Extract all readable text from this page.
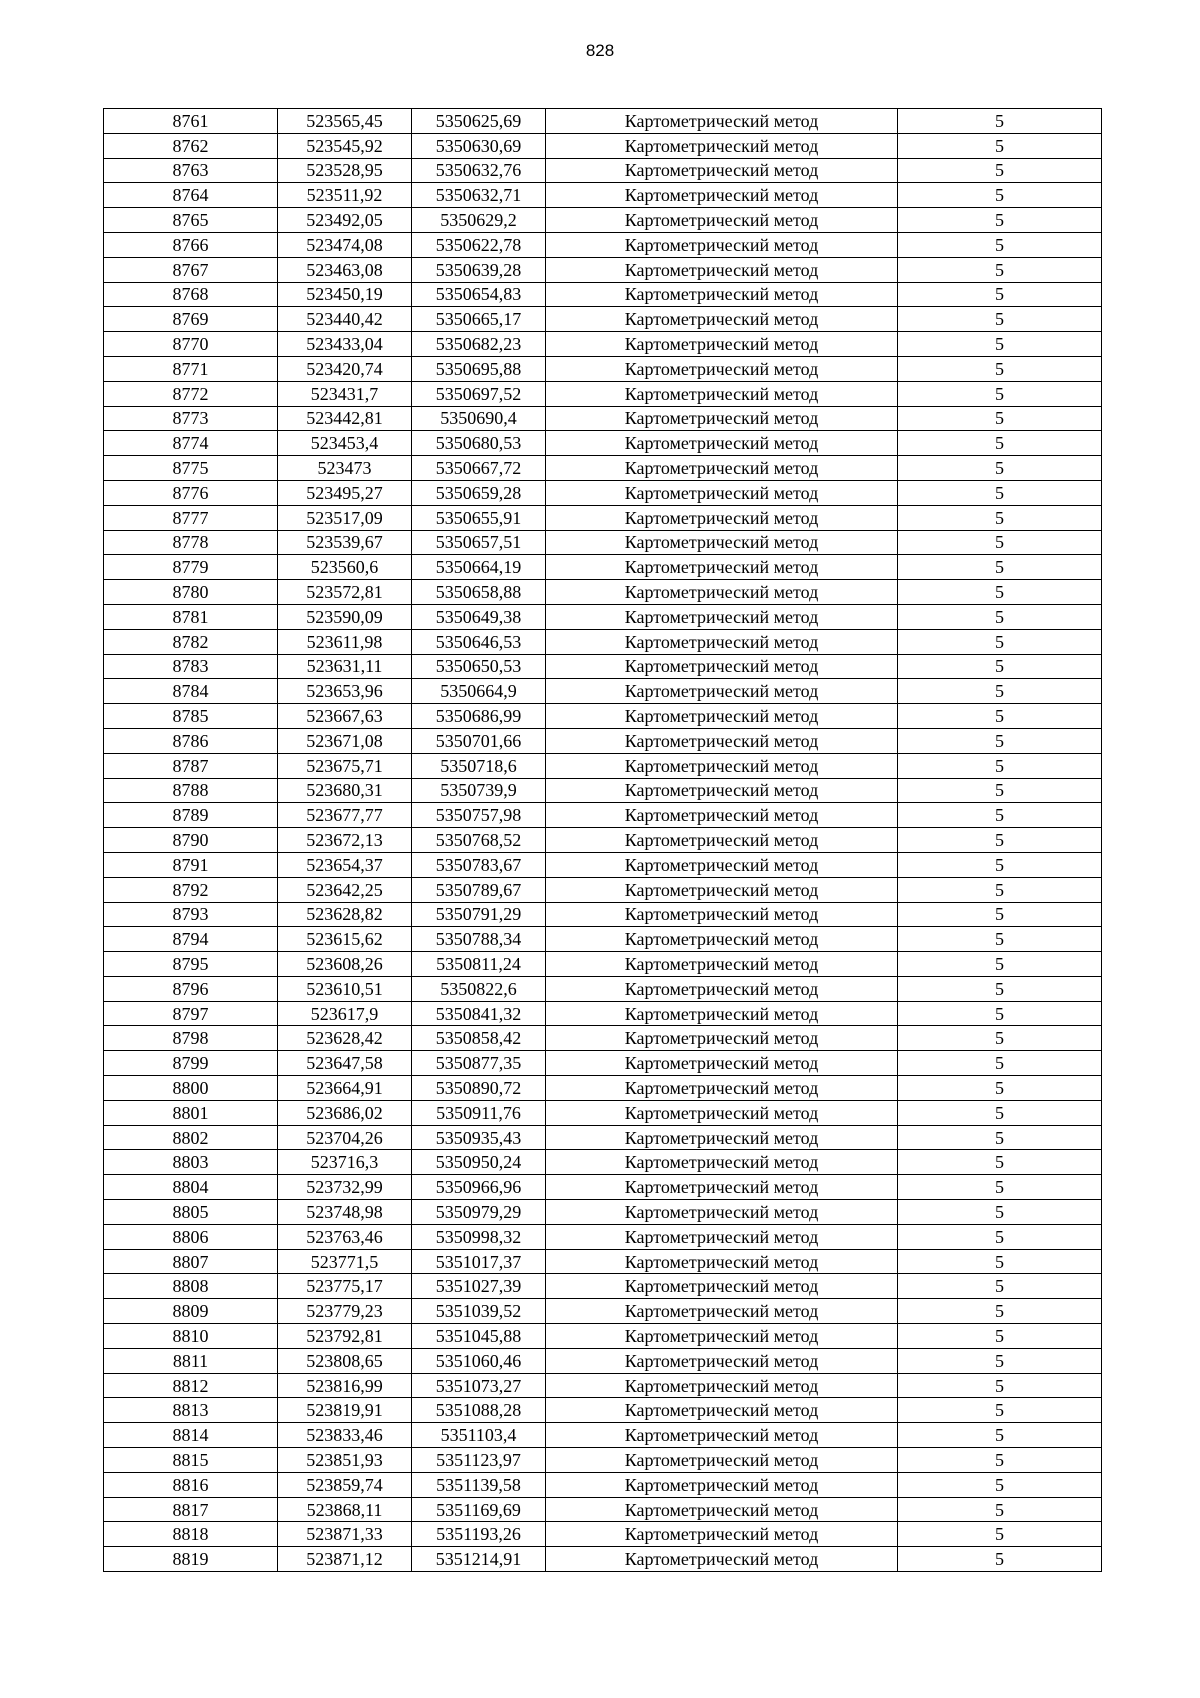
828
8761	523565,45	5350625,69	Картометрический метод	5
8762	523545,92	5350630,69	Картометрический метод	5
8763	523528,95	5350632,76	Картометрический метод	5
8764	523511,92	5350632,71	Картометрический метод	5
8765	523492,05	5350629,2	Картометрический метод	5
8766	523474,08	5350622,78	Картометрический метод	5
8767	523463,08	5350639,28	Картометрический метод	5
8768	523450,19	5350654,83	Картометрический метод	5
8769	523440,42	5350665,17	Картометрический метод	5
8770	523433,04	5350682,23	Картометрический метод	5
8771	523420,74	5350695,88	Картометрический метод	5
8772	523431,7	5350697,52	Картометрический метод	5
8773	523442,81	5350690,4	Картометрический метод	5
8774	523453,4	5350680,53	Картометрический метод	5
8775	523473	5350667,72	Картометрический метод	5
8776	523495,27	5350659,28	Картометрический метод	5
8777	523517,09	5350655,91	Картометрический метод	5
8778	523539,67	5350657,51	Картометрический метод	5
8779	523560,6	5350664,19	Картометрический метод	5
8780	523572,81	5350658,88	Картометрический метод	5
8781	523590,09	5350649,38	Картометрический метод	5
8782	523611,98	5350646,53	Картометрический метод	5
8783	523631,11	5350650,53	Картометрический метод	5
8784	523653,96	5350664,9	Картометрический метод	5
8785	523667,63	5350686,99	Картометрический метод	5
8786	523671,08	5350701,66	Картометрический метод	5
8787	523675,71	5350718,6	Картометрический метод	5
8788	523680,31	5350739,9	Картометрический метод	5
8789	523677,77	5350757,98	Картометрический метод	5
8790	523672,13	5350768,52	Картометрический метод	5
8791	523654,37	5350783,67	Картометрический метод	5
8792	523642,25	5350789,67	Картометрический метод	5
8793	523628,82	5350791,29	Картометрический метод	5
8794	523615,62	5350788,34	Картометрический метод	5
8795	523608,26	5350811,24	Картометрический метод	5
8796	523610,51	5350822,6	Картометрический метод	5
8797	523617,9	5350841,32	Картометрический метод	5
8798	523628,42	5350858,42	Картометрический метод	5
8799	523647,58	5350877,35	Картометрический метод	5
8800	523664,91	5350890,72	Картометрический метод	5
8801	523686,02	5350911,76	Картометрический метод	5
8802	523704,26	5350935,43	Картометрический метод	5
8803	523716,3	5350950,24	Картометрический метод	5
8804	523732,99	5350966,96	Картометрический метод	5
8805	523748,98	5350979,29	Картометрический метод	5
8806	523763,46	5350998,32	Картометрический метод	5
8807	523771,5	5351017,37	Картометрический метод	5
8808	523775,17	5351027,39	Картометрический метод	5
8809	523779,23	5351039,52	Картометрический метод	5
8810	523792,81	5351045,88	Картометрический метод	5
8811	523808,65	5351060,46	Картометрический метод	5
8812	523816,99	5351073,27	Картометрический метод	5
8813	523819,91	5351088,28	Картометрический метод	5
8814	523833,46	5351103,4	Картометрический метод	5
8815	523851,93	5351123,97	Картометрический метод	5
8816	523859,74	5351139,58	Картометрический метод	5
8817	523868,11	5351169,69	Картометрический метод	5
8818	523871,33	5351193,26	Картометрический метод	5
8819	523871,12	5351214,91	Картометрический метод	5
